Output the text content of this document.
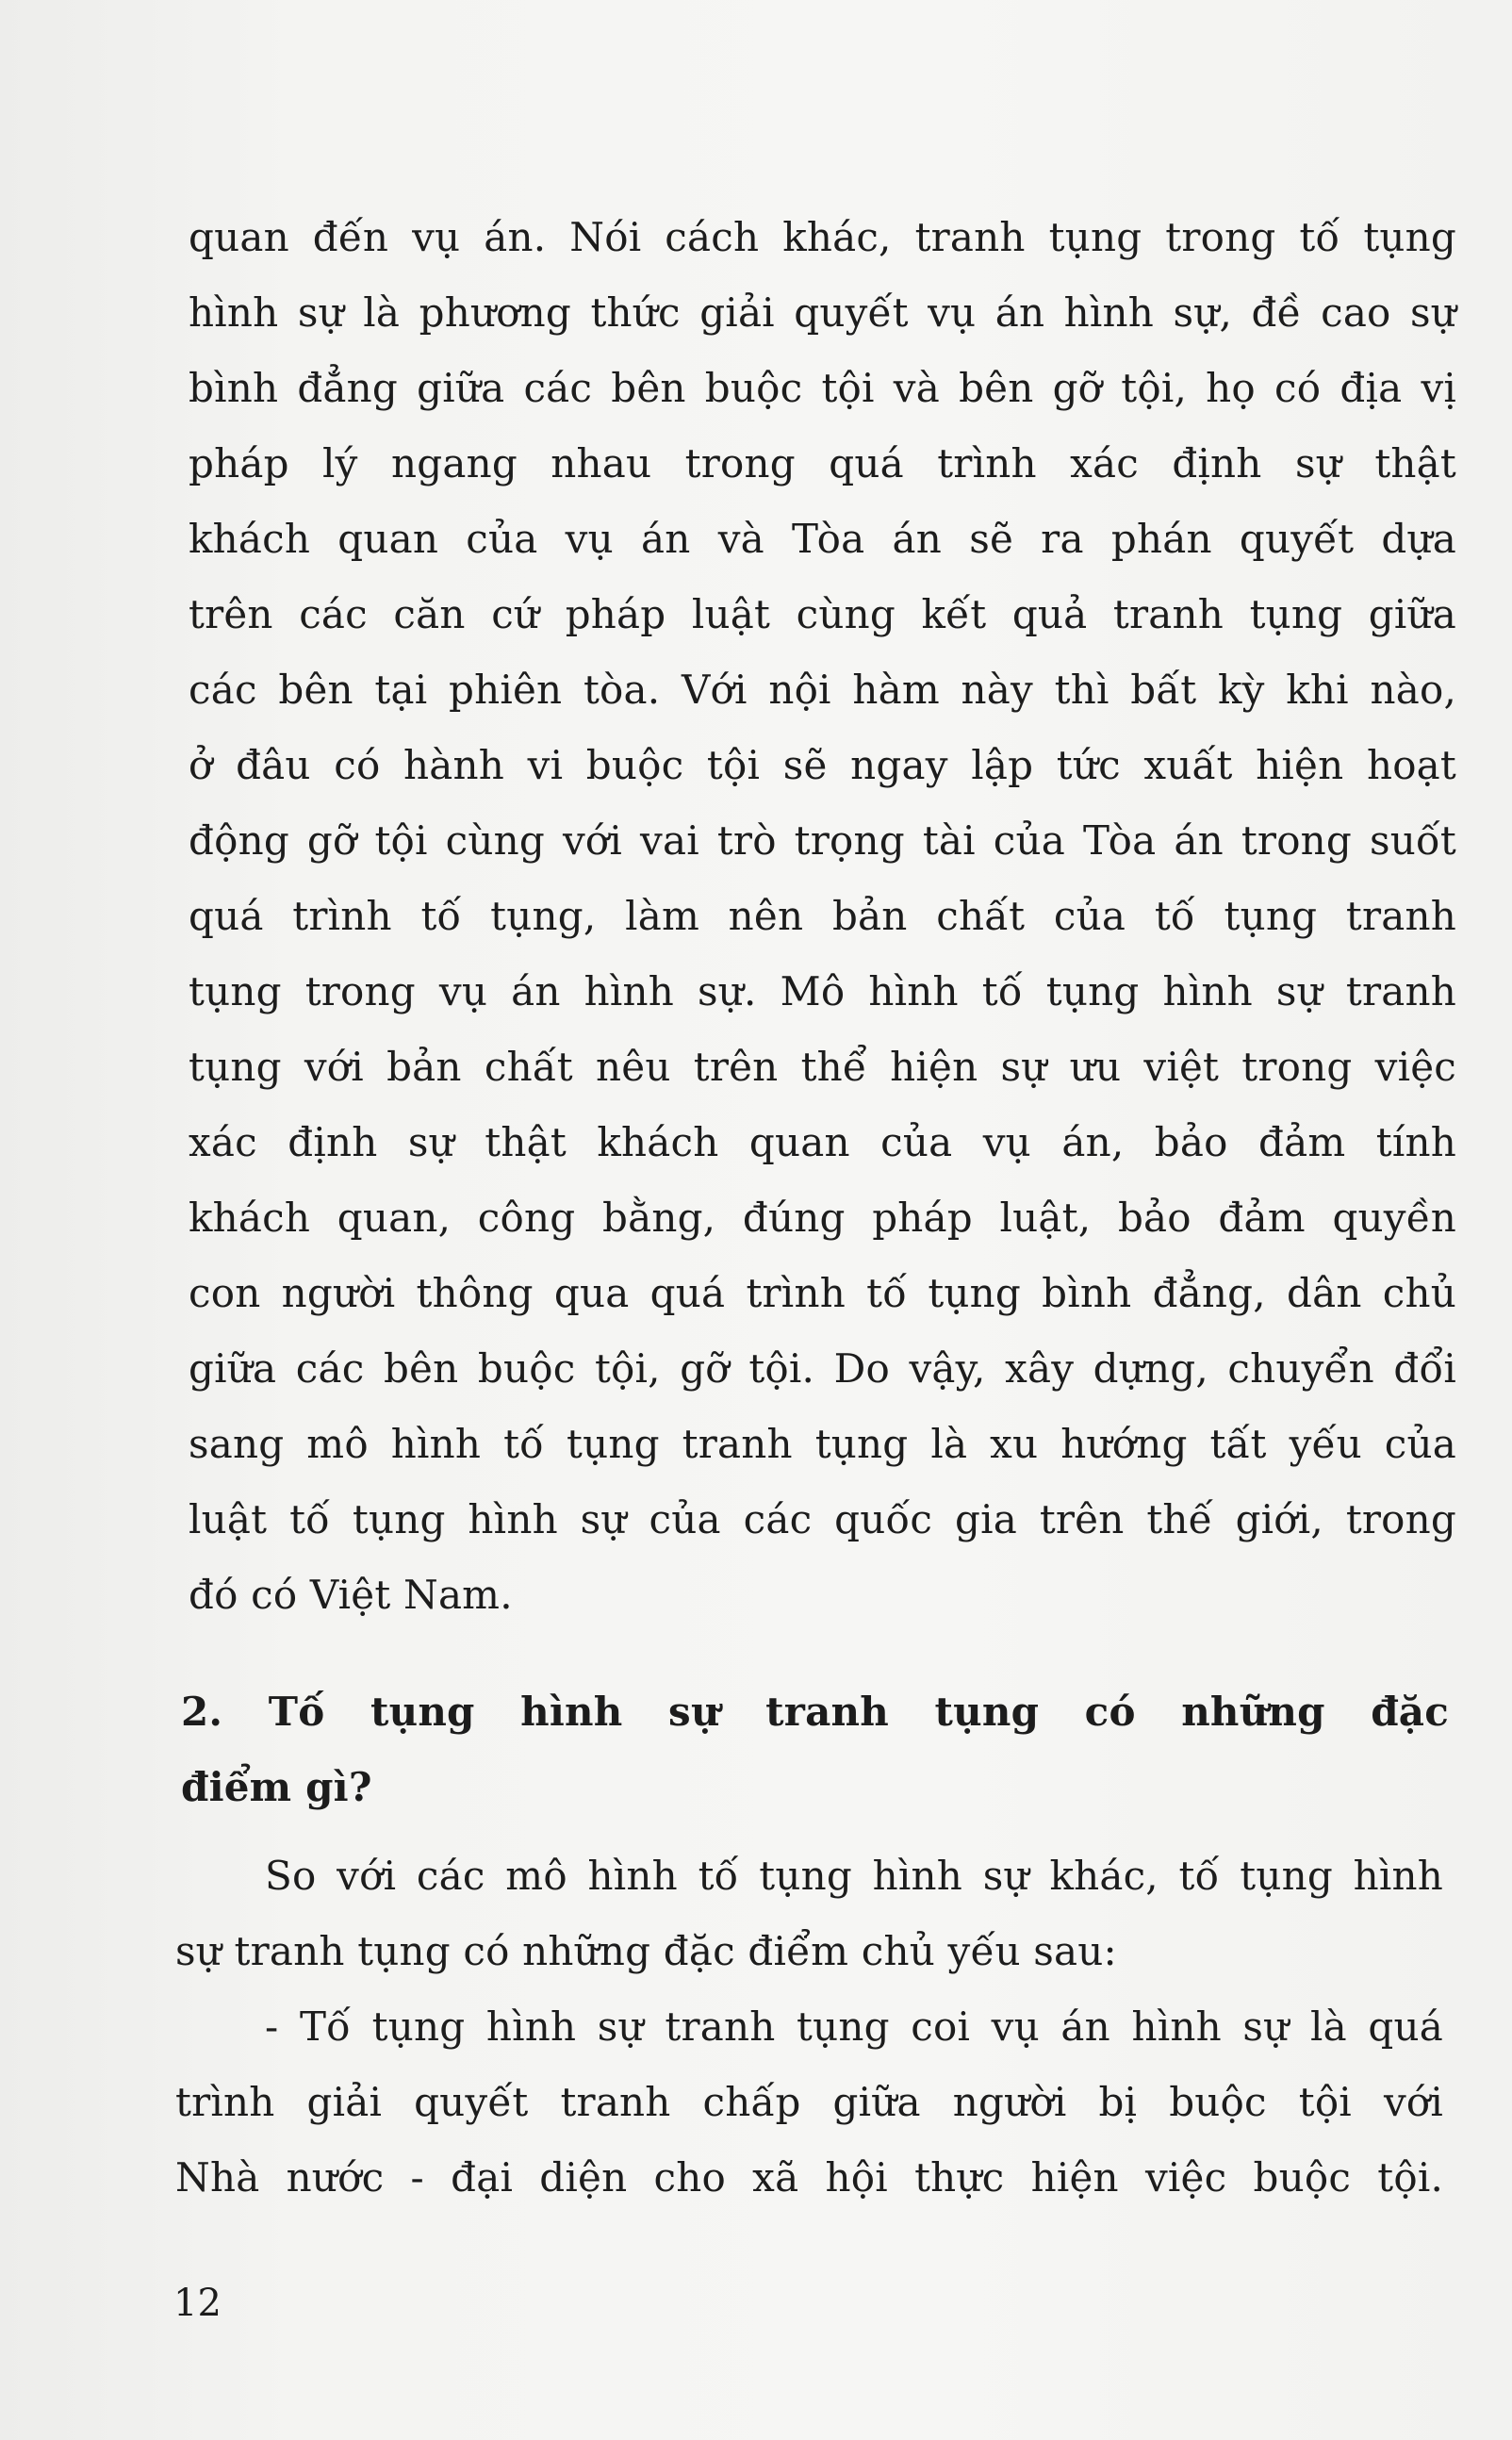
quan đến vụ án. Nói cách khác, tranh tụng trong tố tụng
hình sự là phương thức giải quyết vụ án hình sự, đề cao sự
bình đẳng giữa các bên buộc tội và bên gỡ tội, họ có địa vị
pháp lý ngang nhau trong quá trình xác định sự thật
khách quan của vụ án và Tòa án sẽ ra phán quyết dựa
trên các căn cứ pháp luật cùng kết quả tranh tụng giữa
các bên tại phiên tòa. Với nội hàm này thì bất kỳ khi nào,
ở đâu có hành vi buộc tội sẽ ngay lập tức xuất hiện hoạt
động gỡ tội cùng với vai trò trọng tài của Tòa án trong suốt
quá trình tố tụng, làm nên bản chất của tố tụng tranh
tụng trong vụ án hình sự. Mô hình tố tụng hình sự tranh
tụng với bản chất nêu trên thể hiện sự ưu việt trong việc
xác định sự thật khách quan của vụ án, bảo đảm tính
khách quan, công bằng, đúng pháp luật, bảo đảm quyền
con người thông qua quá trình tố tụng bình đẳng, dân chủ
giữa các bên buộc tội, gỡ tội. Do vậy, xây dựng, chuyển đổi
sang mô hình tố tụng tranh tụng là xu hướng tất yếu của
luật tố tụng hình sự của các quốc gia trên thế giới, trong
đó có Việt Nam.
2. Tố tụng hình sự tranh tụng có những đặc
điểm gì?
So với các mô hình tố tụng hình sự khác, tố tụng hình
sự tranh tụng có những đặc điểm chủ yếu sau:
- Tố tụng hình sự tranh tụng coi vụ án hình sự là quá
trình giải quyết tranh chấp giữa người bị buộc tội với
Nhà nước - đại diện cho xã hội thực hiện việc buộc tội.
12
